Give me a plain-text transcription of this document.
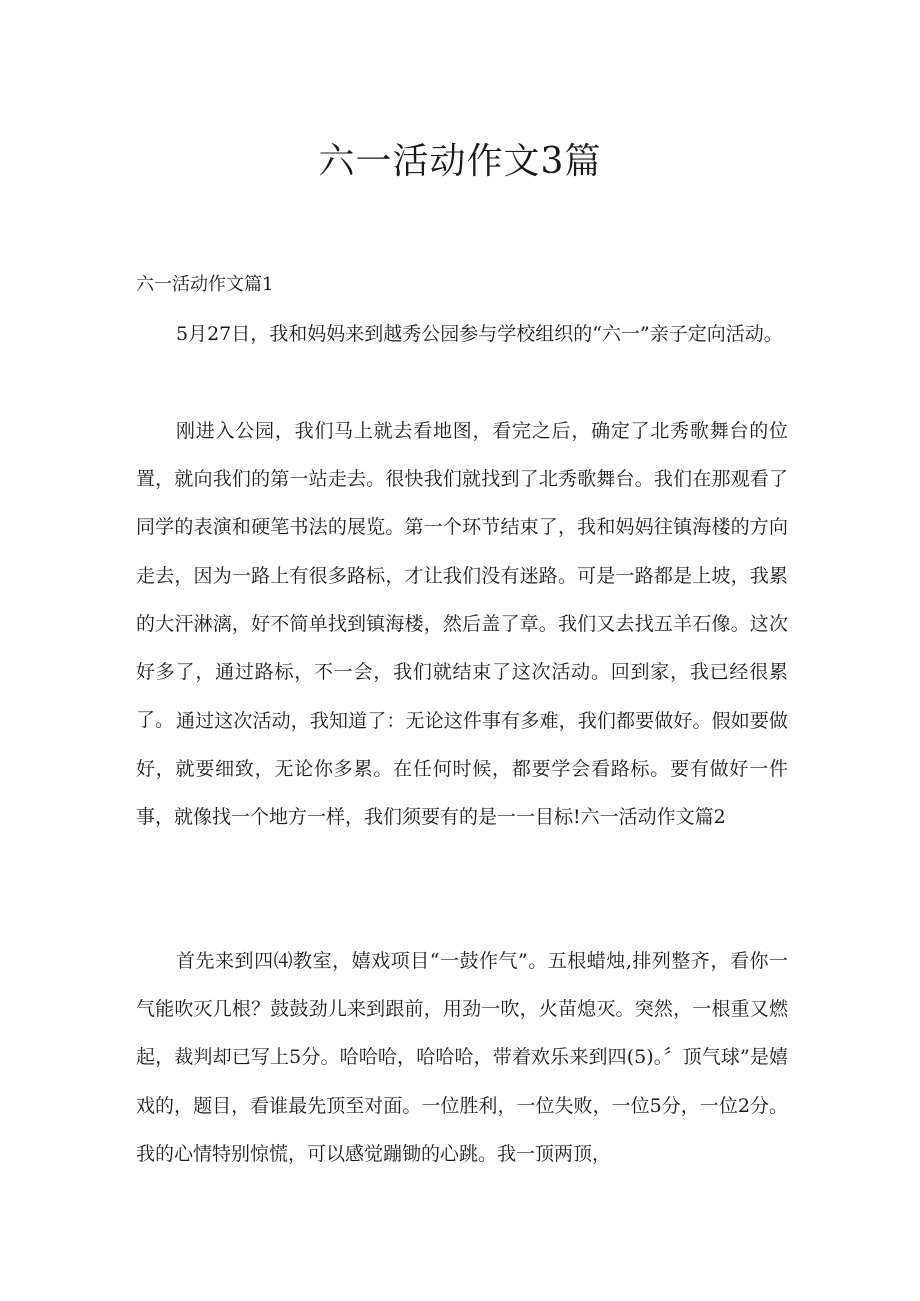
六一活动作文3篇
六一活动作文篇1

5月27日，我和妈妈来到越秀公园参与学校组织的“六一”亲子定向活动。

刚进入公园，我们马上就去看地图，看完之后，确定了北秀歌舞台的位置，就向我们的第一站走去。很快我们就找到了北秀歌舞台。我们在那观看了同学的表演和硬笔书法的展览。第一个环节结束了，我和妈妈往镇海楼的方向走去，因为一路上有很多路标，才让我们没有迷路。可是一路都是上坡，我累的大汗淋漓，好不简单找到镇海楼，然后盖了章。我们又去找五羊石像。这次好多了，通过路标，不一会，我们就结束了这次活动。回到家，我已经很累了。 通过这次活动，我知道了：无论这件事有多难，我们都要做好。假如要做好，就要细致，无论你多累。在任何时候，都要学会看路标。要有做好一件事，就像找一个地方一样，我们须要有的是一一目标!六一活动作文篇2

首先来到四⑷教室，嬉戏项目“一鼓作气”。五根蜡烛,排列整齐，看你一气能吹灭几根？鼓鼓劲儿来到跟前，用劲一吹，火苗熄灭。突然，一根重又燃起，裁判却已写上5分。哈哈哈，哈哈哈，带着欢乐来到四(5)。〞顶气球”是嬉戏的，题目，看谁最先顶至对面。一位胜利，一位失败，一位5分，一位2分。我的心情特别惊慌，可以感觉蹦锄的心跳。我一顶两顶，
